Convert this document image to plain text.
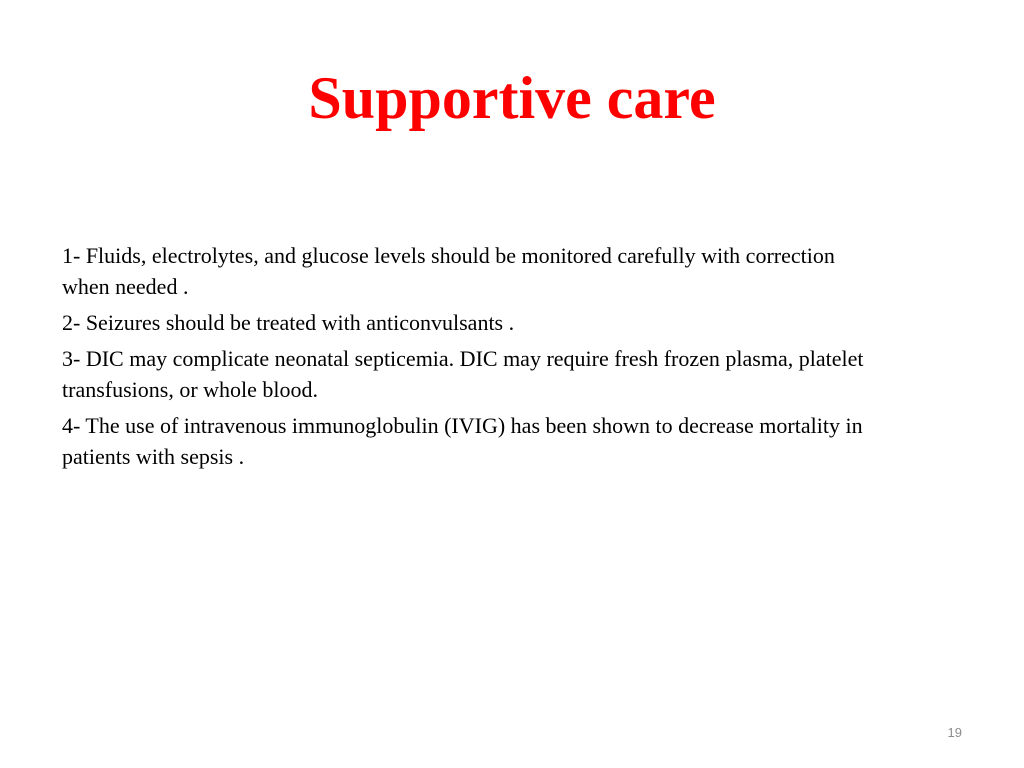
Supportive care
1- Fluids, electrolytes, and glucose levels should be monitored carefully with correction when needed .
2- Seizures should be treated with anticonvulsants .
3- DIC may complicate neonatal septicemia. DIC may require fresh frozen plasma, platelet transfusions, or whole blood.
4- The use of intravenous immunoglobulin (IVIG) has been shown to decrease mortality in patients with sepsis .
19
